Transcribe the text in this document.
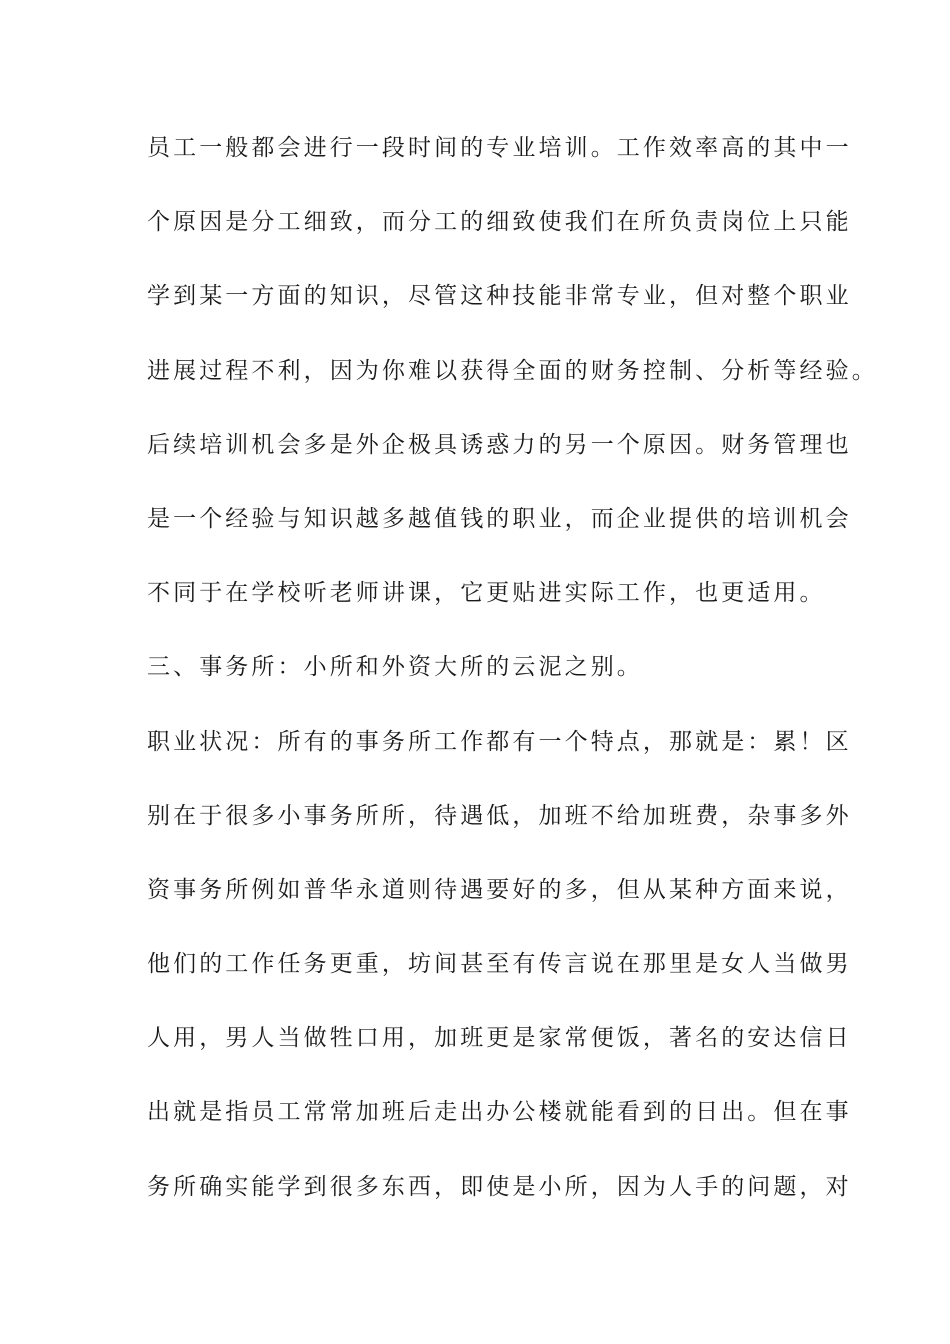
员工一般都会进行一段时间的专业培训。工作效率高的其中一
个原因是分工细致，而分工的细致使我们在所负责岗位上只能
学到某一方面的知识，尽管这种技能非常专业，但对整个职业
进展过程不利，因为你难以获得全面的财务控制、分析等经验。
后续培训机会多是外企极具诱惑力的另一个原因。财务管理也
是一个经验与知识越多越值钱的职业，而企业提供的培训机会
不同于在学校听老师讲课，它更贴进实际工作，也更适用。
三、事务所：小所和外资大所的云泥之别。
职业状况：所有的事务所工作都有一个特点，那就是：累！区
别在于很多小事务所所，待遇低，加班不给加班费，杂事多外
资事务所例如普华永道则待遇要好的多，但从某种方面来说，
他们的工作任务更重，坊间甚至有传言说在那里是女人当做男
人用，男人当做牲口用，加班更是家常便饭，著名的安达信日
出就是指员工常常加班后走出办公楼就能看到的日出。但在事
务所确实能学到很多东西，即使是小所，因为人手的问题，对
